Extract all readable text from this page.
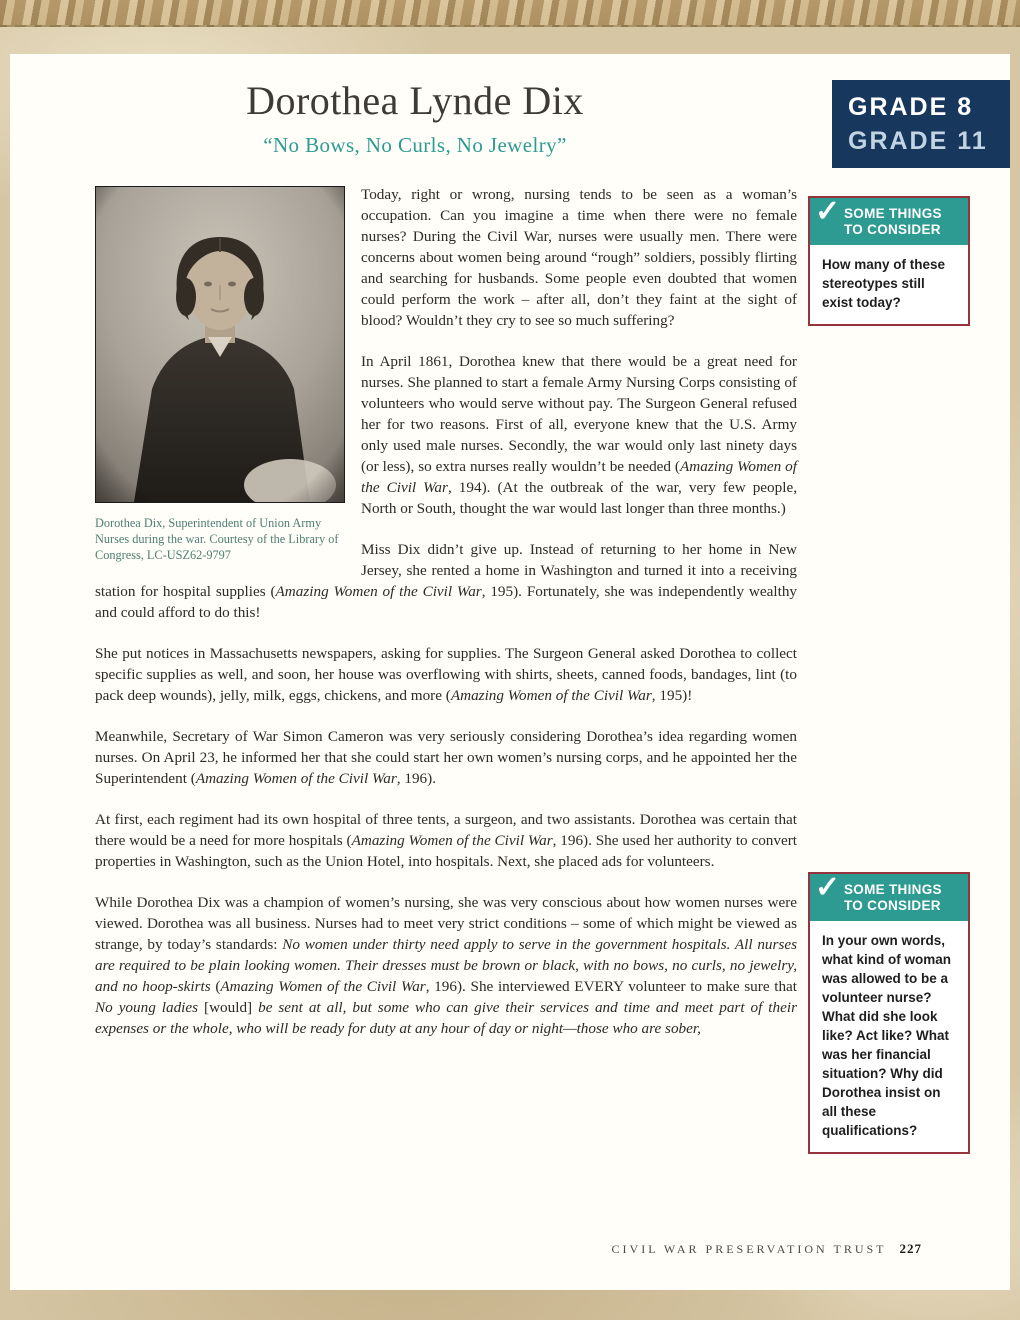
Dorothea Lynde Dix
“No Bows, No Curls, No Jewelry”
GRADE 8
GRADE 11
✓ SOME THINGS
TO CONSIDER
How many of these stereotypes still exist today?
✓ SOME THINGS
TO CONSIDER
In your own words, what kind of woman was allowed to be a volunteer nurse? What did she look like? Act like? What was her financial situation? Why did Dorothea insist on all these qualifications?
Dorothea Dix, Superintendent of Union Army Nurses during the war. Courtesy of the Library of Congress, LC-USZ62-9797

Today, right or wrong, nursing tends to be seen as a woman’s occupation. Can you imagine a time when there were no female nurses? During the Civil War, nurses were usually men. There were concerns about women being around “rough” soldiers, possibly flirting and searching for husbands. Some people even doubted that women could perform the work – after all, don’t they faint at the sight of blood? Wouldn’t they cry to see so much suffering?

In April 1861, Dorothea knew that there would be a great need for nurses. She planned to start a female Army Nursing Corps consisting of volunteers who would serve without pay. The Surgeon General refused her for two reasons. First of all, everyone knew that the U.S. Army only used male nurses. Secondly, the war would only last ninety days (or less), so extra nurses really wouldn’t be needed (Amazing Women of the Civil War, 194). (At the outbreak of the war, very few people, North or South, thought the war would last longer than three months.)

Miss Dix didn’t give up. Instead of returning to her home in New Jersey, she rented a home in Washington and turned it into a receiving station for hospital supplies (Amazing Women of the Civil War, 195). Fortunately, she was independently wealthy and could afford to do this!

She put notices in Massachusetts newspapers, asking for supplies. The Surgeon General asked Dorothea to collect specific supplies as well, and soon, her house was overflowing with shirts, sheets, canned foods, bandages, lint (to pack deep wounds), jelly, milk, eggs, chickens, and more (Amazing Women of the Civil War, 195)!

Meanwhile, Secretary of War Simon Cameron was very seriously considering Dorothea’s idea regarding women nurses. On April 23, he informed her that she could start her own women’s nursing corps, and he appointed her the Superintendent (Amazing Women of the Civil War, 196).

At first, each regiment had its own hospital of three tents, a surgeon, and two assistants. Dorothea was certain that there would be a need for more hospitals (Amazing Women of the Civil War, 196). She used her authority to convert properties in Washington, such as the Union Hotel, into hospitals. Next, she placed ads for volunteers.

While Dorothea Dix was a champion of women’s nursing, she was very conscious about how women nurses were viewed. Dorothea was all business. Nurses had to meet very strict conditions – some of which might be viewed as strange, by today’s standards: No women under thirty need apply to serve in the government hospitals. All nurses are required to be plain looking women. Their dresses must be brown or black, with no bows, no curls, no jewelry, and no hoop-skirts (Amazing Women of the Civil War, 196). She interviewed EVERY volunteer to make sure that No young ladies [would] be sent at all, but some who can give their services and time and meet part of their expenses or the whole, who will be ready for duty at any hour of day or night—those who are sober,

CIVIL WAR PRESERVATION TRUST 227
